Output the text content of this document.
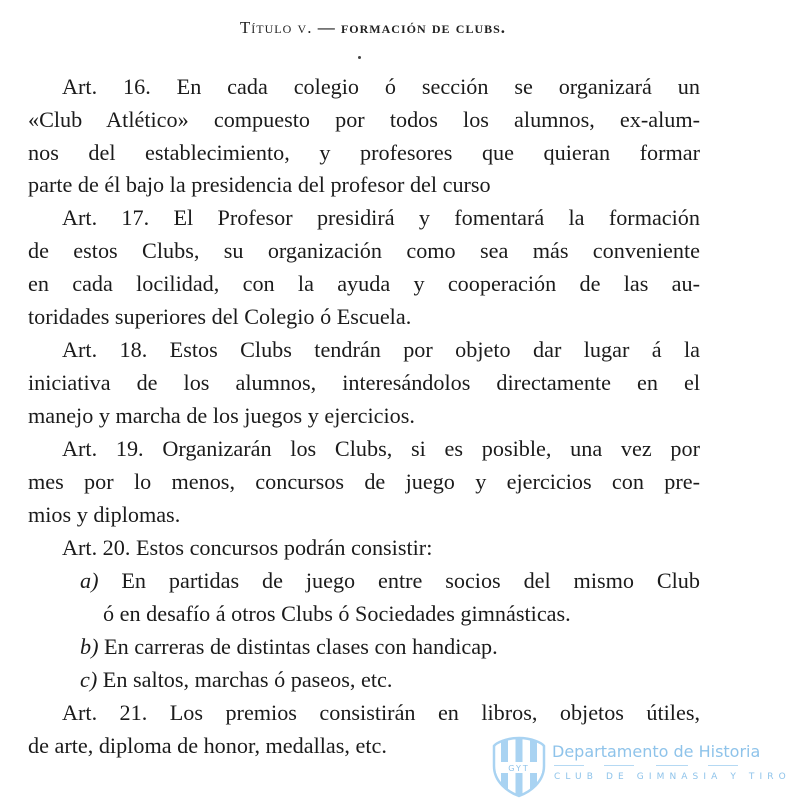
Título v. — formación de clubs.
Art. 16. En cada colegio ó sección se organizará un
«Club Atlético» compuesto por todos los alumnos, ex-alum-
nos del establecimiento, y profesores que quieran formar
parte de él bajo la presidencia del profesor del curso
Art. 17. El Profesor presidirá y fomentará la formación
de estos Clubs, su organización como sea más conveniente
en cada locilidad, con la ayuda y cooperación de las au-
toridades superiores del Colegio ó Escuela.
Art. 18. Estos Clubs tendrán por objeto dar lugar á la
iniciativa de los alumnos, interesándolos directamente en el
manejo y marcha de los juegos y ejercicios.
Art. 19. Organizarán los Clubs, si es posible, una vez por
mes por lo menos, concursos de juego y ejercicios con pre-
mios y diplomas.
Art. 20. Estos concursos podrán consistir:
a) En partidas de juego entre socios del mismo Club
ó en desafío á otros Clubs ó Sociedades gimnásticas.
b) En carreras de distintas clases con handicap.
c) En saltos, marchas ó paseos, etc.
Art. 21. Los premios consistirán en libros, objetos útiles,
de arte, diploma de honor, medallas, etc.
GYT
Departamento de Historia
CLUB DE GIMNASIA Y TIRO
